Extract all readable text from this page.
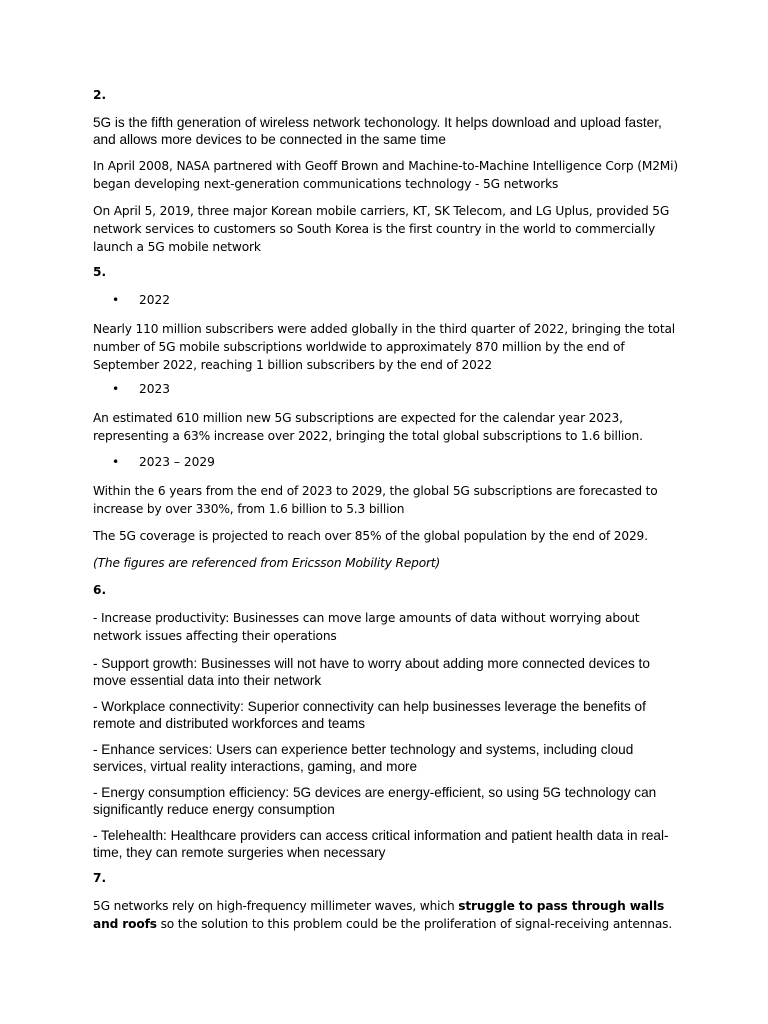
2.

5G is the fifth generation of wireless network techonology. It helps download and upload faster, and allows more devices to be connected in the same time

In April 2008, NASA partnered with Geoff Brown and Machine-to-Machine Intelligence Corp (M2Mi) began developing next-generation communications technology - 5G networks

On April 5, 2019, three major Korean mobile carriers, KT, SK Telecom, and LG Uplus, provided 5G network services to customers so South Korea is the first country in the world to commercially launch a 5G mobile network

5.
• 2022

Nearly 110 million subscribers were added globally in the third quarter of 2022, bringing the total number of 5G mobile subscriptions worldwide to approximately 870 million by the end of September 2022, reaching 1 billion subscribers by the end of 2022

• 2023

An estimated 610 million new 5G subscriptions are expected for the calendar year 2023, representing a 63% increase over 2022, bringing the total global subscriptions to 1.6 billion.

• 2023 – 2029

Within the 6 years from the end of 2023 to 2029, the global 5G subscriptions are forecasted to increase by over 330%, from 1.6 billion to 5.3 billion

The 5G coverage is projected to reach over 85% of the global population by the end of 2029.

(The figures are referenced from Ericsson Mobility Report)

6.

- Increase productivity: Businesses can move large amounts of data without worrying about network issues affecting their operations

- Support growth: Businesses will not have to worry about adding more connected devices to move essential data into their network

- Workplace connectivity: Superior connectivity can help businesses leverage the benefits of remote and distributed workforces and teams

- Enhance services: Users can experience better technology and systems, including cloud services, virtual reality interactions, gaming, and more

- Energy consumption efficiency: 5G devices are energy-efficient, so using 5G technology can significantly reduce energy consumption

- Telehealth: Healthcare providers can access critical information and patient health data in real-time, they can remote surgeries when necessary

7.

5G networks rely on high-frequency millimeter waves, which struggle to pass through walls and roofs so the solution to this problem could be the proliferation of signal-receiving antennas.
